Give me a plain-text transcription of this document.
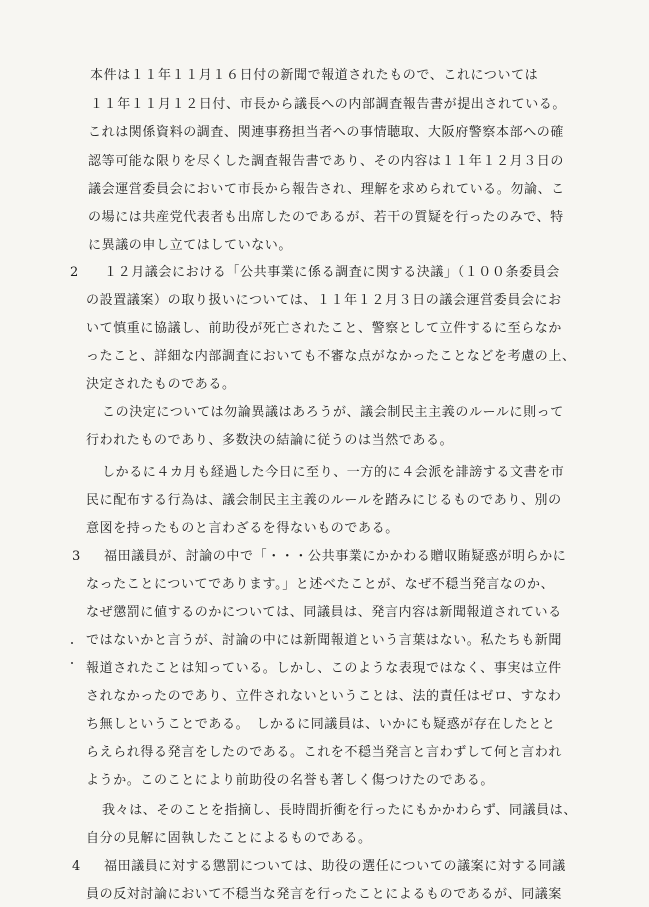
本件は１１年１１月１６日付の新聞で報道されたもので、これについては
１１年１１月１２日付、市長から議長への内部調査報告書が提出されている。
これは関係資料の調査、関連事務担当者への事情聴取、大阪府警察本部への確
認等可能な限りを尽くした調査報告書であり、その内容は１１年１２月３日の
議会運営委員会において市長から報告され、理解を求められている。勿論、こ
の場には共産党代表者も出席したのであるが、若干の質疑を行ったのみで、特
に異議の申し立てはしていない。
2 １２月議会における「公共事業に係る調査に関する決議」（１００条委員会
の設置議案）の取り扱いについては、１１年１２月３日の議会運営委員会にお
いて慎重に協議し、前助役が死亡されたこと、警察として立件するに至らなか
ったこと、詳細な内部調査においても不審な点がなかったことなどを考慮の上、
決定されたものである。
この決定については勿論異議はあろうが、議会制民主主義のルールに則って
行われたものであり、多数決の結論に従うのは当然である。
しかるに４カ月も経過した今日に至り、一方的に４会派を誹謗する文書を市
民に配布する行為は、議会制民主主義のルールを踏みにじるものであり、別の
意図を持ったものと言わざるを得ないものである。
3 福田議員が、討論の中で「・・・公共事業にかかわる贈収賄疑惑が明らかに
なったことについてであります。」と述べたことが、なぜ不穏当発言なのか、
なぜ懲罰に値するのかについては、同議員は、発言内容は新聞報道されている
ではないかと言うが、討論の中には新聞報道という言葉はない。私たちも新聞
報道されたことは知っている。しかし、このような表現ではなく、事実は立件
されなかったのであり、立件されないということは、法的責任はゼロ、すなわ
ち無しということである。　しかるに同議員は、いかにも疑惑が存在したとと
らえられ得る発言をしたのである。これを不穏当発言と言わずして何と言われ
ようか。このことにより前助役の名誉も著しく傷つけたのである。
我々は、そのことを指摘し、長時間折衝を行ったにもかかわらず、同議員は、
自分の見解に固執したことによるものである。
4 福田議員に対する懲罰については、助役の選任についての議案に対する同議
員の反対討論において不穏当な発言を行ったことによるものであるが、同議案
